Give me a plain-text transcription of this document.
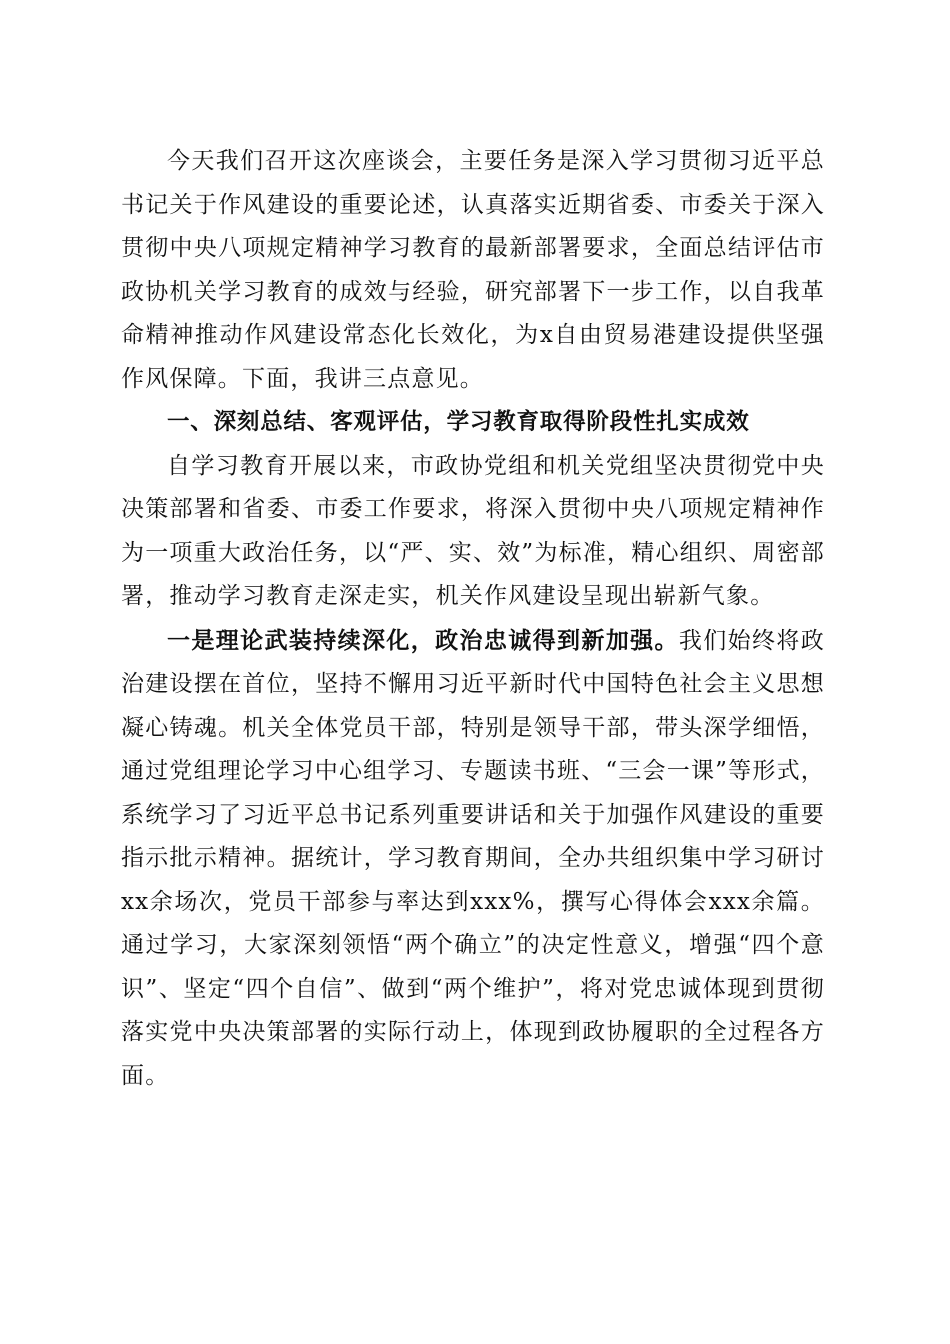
今天我们召开这次座谈会，主要任务是深入学习贯彻习近平总书记关于作风建设的重要论述，认真落实近期省委、市委关于深入贯彻中央八项规定精神学习教育的最新部署要求，全面总结评估市政协机关学习教育的成效与经验，研究部署下一步工作，以自我革命精神推动作风建设常态化长效化，为x自由贸易港建设提供坚强作风保障。下面，我讲三点意见。

一、深刻总结、客观评估，学习教育取得阶段性扎实成效

自学习教育开展以来，市政协党组和机关党组坚决贯彻党中央决策部署和省委、市委工作要求，将深入贯彻中央八项规定精神作为一项重大政治任务，以“严、实、效”为标准，精心组织、周密部署，推动学习教育走深走实，机关作风建设呈现出崭新气象。

一是理论武装持续深化，政治忠诚得到新加强。我们始终将政治建设摆在首位，坚持不懈用习近平新时代中国特色社会主义思想凝心铸魂。机关全体党员干部，特别是领导干部，带头深学细悟，通过党组理论学习中心组学习、专题读书班、“三会一课”等形式，系统学习了习近平总书记系列重要讲话和关于加强作风建设的重要指示批示精神。据统计，学习教育期间，全办共组织集中学习研讨xx余场次，党员干部参与率达到xxx%，撰写心得体会xxx余篇。通过学习，大家深刻领悟“两个确立”的决定性意义，增强“四个意识”、坚定“四个自信”、做到“两个维护”，将对党忠诚体现到贯彻落实党中央决策部署的实际行动上，体现到政协履职的全过程各方面。
